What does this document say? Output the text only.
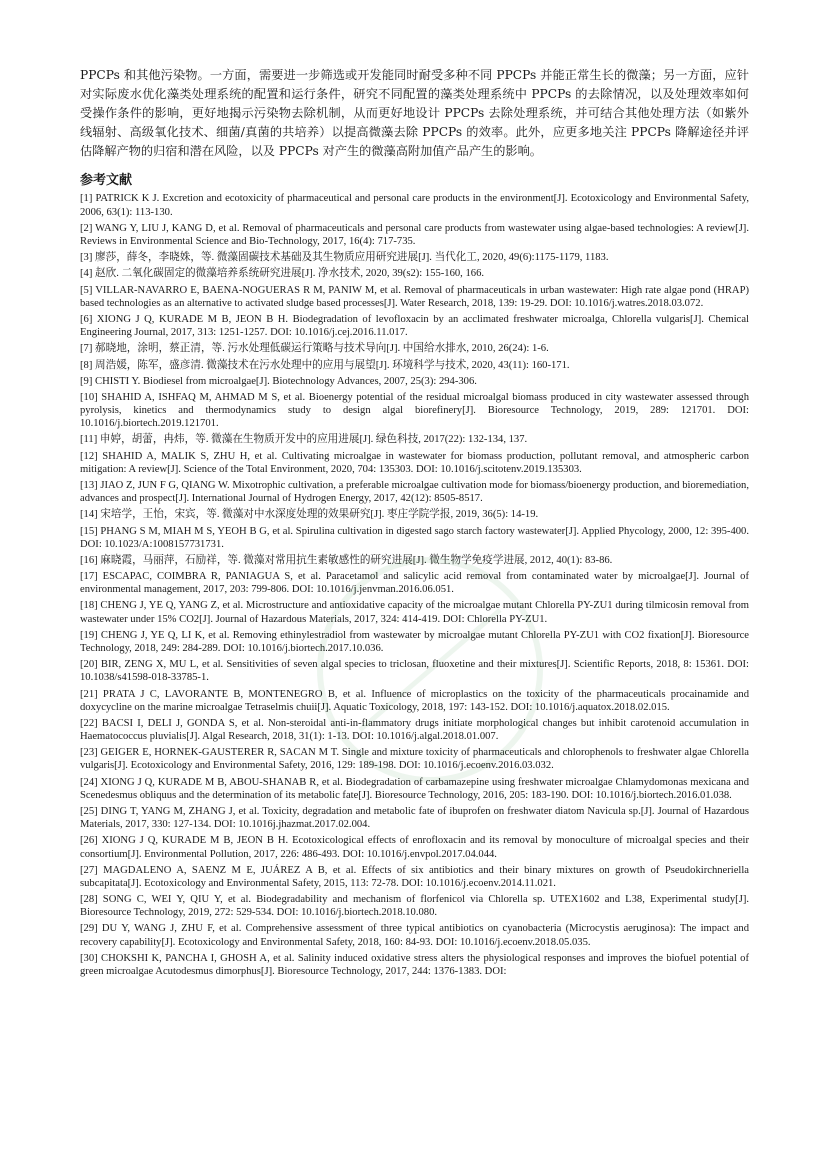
PPCPs 和其他污染物。一方面，需要进一步筛选或开发能同时耐受多种不同 PPCPs 并能正常生长的微藻；另一方面，应针对实际废水优化藻类处理系统的配置和运行条件，研究不同配置的藻类处理系统中 PPCPs 的去除情况，以及处理效率如何受操作条件的影响，更好地揭示污染物去除机制，从而更好地设计 PPCPs 去除处理系统，并可结合其他处理方法（如紫外线辐射、高级氧化技术、细菌/真菌的共培养）以提高微藻去除 PPCPs 的效率。此外，应更多地关注 PPCPs 降解途径并评估降解产物的归宿和潜在风险，以及 PPCPs 对产生的微藻高附加值产品产生的影响。

参考文献
[1] PATRICK K J. Excretion and ecotoxicity of pharmaceutical and personal care products in the environment[J]. Ecotoxicology and Environmental Safety, 2006, 63(1): 113-130.
[2] WANG Y, LIU J, KANG D, et al. Removal of pharmaceuticals and personal care products from wastewater using algae-based technologies: A review[J]. Reviews in Environmental Science and Bio-Technology, 2017, 16(4): 717-735.
[3] 廖莎，薛冬，李晓姝，等. 微藻固碳技术基础及其生物质应用研究进展[J]. 当代化工, 2020, 49(6):1175-1179, 1183.
[4] 赵欣. 二氧化碳固定的微藻培养系统研究进展[J]. 净水技术, 2020, 39(s2): 155-160, 166.
[5] VILLAR-NAVARRO E, BAENA-NOGUERAS R M, PANIW M, et al. Removal of pharmaceuticals in urban wastewater: High rate algae pond (HRAP) based technologies as an alternative to activated sludge based processes[J]. Water Research, 2018, 139: 19-29. DOI: 10.1016/j.watres.2018.03.072.
[6] XIONG J Q, KURADE M B, JEON B H. Biodegradation of levofloxacin by an acclimated freshwater microalga, Chlorella vulgaris[J]. Chemical Engineering Journal, 2017, 313: 1251-1257. DOI: 10.1016/j.cej.2016.11.017.
[7] 郝晓地，涂明，蔡正清，等. 污水处理低碳运行策略与技术导向[J]. 中国给水排水, 2010, 26(24): 1-6.
[8] 周浩媛，陈军，盛彦清. 微藻技术在污水处理中的应用与展望[J]. 环境科学与技术, 2020, 43(11): 160-171.
[9] CHISTI Y. Biodiesel from microalgae[J]. Biotechnology Advances, 2007, 25(3): 294-306.
[10] SHAHID A, ISHFAQ M, AHMAD M S, et al. Bioenergy potential of the residual microalgal biomass produced in city wastewater assessed through pyrolysis, kinetics and thermodynamics study to design algal biorefinery[J]. Bioresource Technology, 2019, 289: 121701. DOI: 10.1016/j.biortech.2019.121701.
[11] 申婷，胡蕾，冉炜，等. 微藻在生物质开发中的应用进展[J]. 绿色科技, 2017(22): 132-134, 137.
[12] SHAHID A, MALIK S, ZHU H, et al. Cultivating microalgae in wastewater for biomass production, pollutant removal, and atmospheric carbon mitigation: A review[J]. Science of the Total Environment, 2020, 704: 135303. DOI: 10.1016/j.scitotenv.2019.135303.
[13] JIAO Z, JUN F G, QIANG W. Mixotrophic cultivation, a preferable microalgae cultivation mode for biomass/bioenergy production, and bioremediation, advances and prospect[J]. International Journal of Hydrogen Energy, 2017, 42(12): 8505-8517.
[14] 宋培学，王怡，宋宾，等. 微藻对中水深度处理的效果研究[J]. 枣庄学院学报, 2019, 36(5): 14-19.
[15] PHANG S M, MIAH M S, YEOH B G, et al. Spirulina cultivation in digested sago starch factory wastewater[J]. Applied Phycology, 2000, 12: 395-400. DOI: 10.1023/A:1008157731731.
[16] 麻晓霞，马丽萍，石励祥，等. 微藻对常用抗生素敏感性的研究进展[J]. 微生物学免疫学进展, 2012, 40(1): 83-86.
[17] ESCAPAC, COIMBRA R, PANIAGUA S, et al. Paracetamol and salicylic acid removal from contaminated water by microalgae[J]. Journal of environmental management, 2017, 203: 799-806. DOI: 10.1016/j.jenvman.2016.06.051.
[18] CHENG J, YE Q, YANG Z, et al. Microstructure and antioxidative capacity of the microalgae mutant Chlorella PY-ZU1 during tilmicosin removal from wastewater under 15% CO2[J]. Journal of Hazardous Materials, 2017, 324: 414-419. DOI: Chlorella PY-ZU1.
[19] CHENG J, YE Q, LI K, et al. Removing ethinylestradiol from wastewater by microalgae mutant Chlorella PY-ZU1 with CO2 fixation[J]. Bioresource Technology, 2018, 249: 284-289. DOI: 10.1016/j.biortech.2017.10.036.
[20] BIR, ZENG X, MU L, et al. Sensitivities of seven algal species to triclosan, fluoxetine and their mixtures[J]. Scientific Reports, 2018, 8: 15361. DOI: 10.1038/s41598-018-33785-1.
[21] PRATA J C, LAVORANTE B, MONTENEGRO B, et al. Influence of microplastics on the toxicity of the pharmaceuticals procainamide and doxycycline on the marine microalgae Tetraselmis chuii[J]. Aquatic Toxicology, 2018, 197: 143-152. DOI: 10.1016/j.aquatox.2018.02.015.
[22] BACSI I, DELI J, GONDA S, et al. Non-steroidal anti-in-flammatory drugs initiate morphological changes but inhibit carotenoid accumulation in Haematococcus pluvialis[J]. Algal Research, 2018, 31(1): 1-13. DOI: 10.1016/j.algal.2018.01.007.
[23] GEIGER E, HORNEK-GAUSTERER R, SACAN M T. Single and mixture toxicity of pharmaceuticals and chlorophenols to freshwater algae Chlorella vulgaris[J]. Ecotoxicology and Environmental Safety, 2016, 129: 189-198. DOI: 10.1016/j.ecoenv.2016.03.032.
[24] XIONG J Q, KURADE M B, ABOU-SHANAB R, et al. Biodegradation of carbamazepine using freshwater microalgae Chlamydomonas mexicana and Scenedesmus obliquus and the determination of its metabolic fate[J]. Bioresource Technology, 2016, 205: 183-190. DOI: 10.1016/j.biortech.2016.01.038.
[25] DING T, YANG M, ZHANG J, et al. Toxicity, degradation and metabolic fate of ibuprofen on freshwater diatom Navicula sp.[J]. Journal of Hazardous Materials, 2017, 330: 127-134. DOI: 10.1016j.jhazmat.2017.02.004.
[26] XIONG J Q, KURADE M B, JEON B H. Ecotoxicological effects of enrofloxacin and its removal by monoculture of microalgal species and their consortium[J]. Environmental Pollution, 2017, 226: 486-493. DOI: 10.1016/j.envpol.2017.04.044.
[27] MAGDALENO A, SAENZ M E, JUÁREZ A B, et al. Effects of six antibiotics and their binary mixtures on growth of Pseudokirchneriella subcapitata[J]. Ecotoxicology and Environmental Safety, 2015, 113: 72-78. DOI: 10.1016/j.ecoenv.2014.11.021.
[28] SONG C, WEI Y, QIU Y, et al. Biodegradability and mechanism of florfenicol via Chlorella sp. UTEX1602 and L38, Experimental study[J]. Bioresource Technology, 2019, 272: 529-534. DOI: 10.1016/j.biortech.2018.10.080.
[29] DU Y, WANG J, ZHU F, et al. Comprehensive assessment of three typical antibiotics on cyanobacteria (Microcystis aeruginosa): The impact and recovery capability[J]. Ecotoxicology and Environmental Safety, 2018, 160: 84-93. DOI: 10.1016/j.ecoenv.2018.05.035.
[30] CHOKSHI K, PANCHA I, GHOSH A, et al. Salinity induced oxidative stress alters the physiological responses and improves the biofuel potential of green microalgae Acutodesmus dimorphus[J]. Bioresource Technology, 2017, 244: 1376-1383. DOI:
